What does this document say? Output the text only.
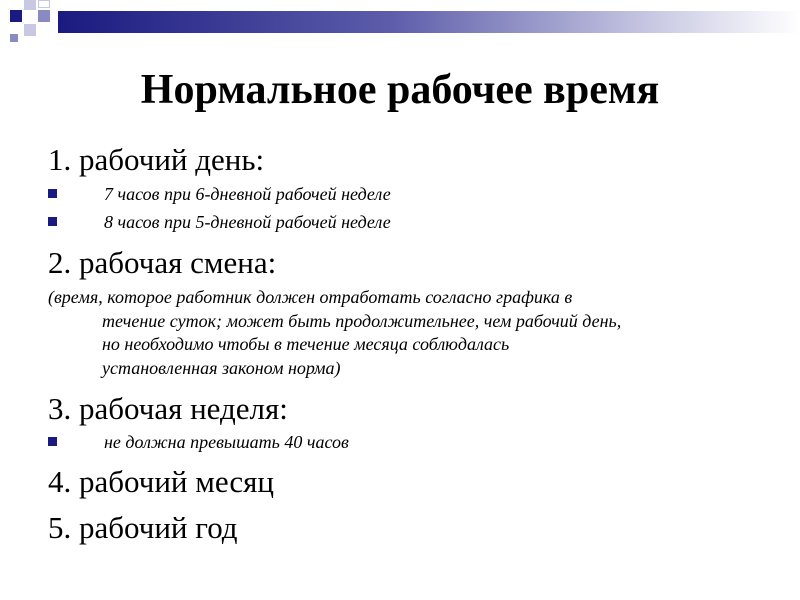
Нормальное рабочее время
1. рабочий день:
7 часов при 6-дневной рабочей неделе
8 часов при 5-дневной рабочей неделе
2. рабочая смена:
(время, которое работник должен отработать согласно графика в
течение суток; может быть продолжительнее, чем рабочий день,
но необходимо чтобы в течение месяца соблюдалась
установленная законом норма)
3. рабочая неделя:
не должна превышать 40 часов
4. рабочий месяц
5. рабочий год
